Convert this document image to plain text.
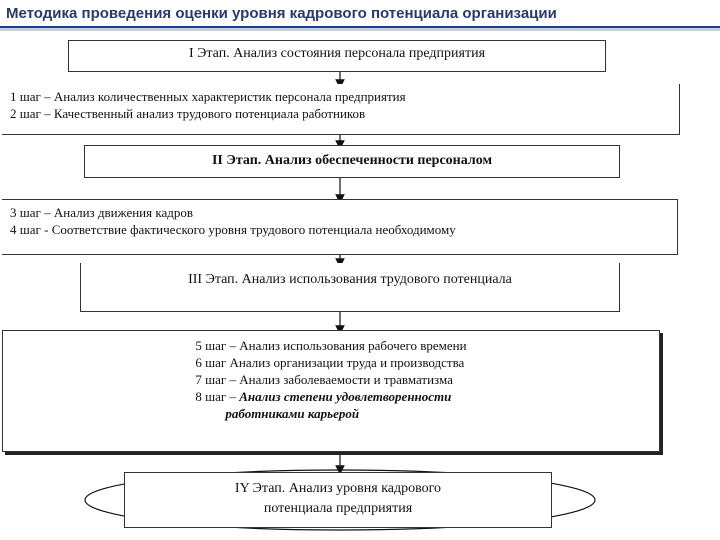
Методика проведения оценки уровня кадрового потенциала организации
I Этап. Анализ состояния персонала предприятия
1 шаг – Анализ количественных характеристик персонала предприятия
2 шаг – Качественный анализ трудового потенциала работников
II Этап. Анализ обеспеченности персоналом
3 шаг – Анализ движения кадров
4 шаг - Соответствие фактического уровня трудового потенциала необходимому
III Этап. Анализ использования трудового потенциала
5 шаг – Анализ использования рабочего времени
6 шаг Анализ организации труда и производства
7 шаг – Анализ заболеваемости и травматизма
8 шаг – Анализ степени удовлетворенности
работниками карьерой
IY Этап. Анализ уровня кадрового
потенциала предприятия
